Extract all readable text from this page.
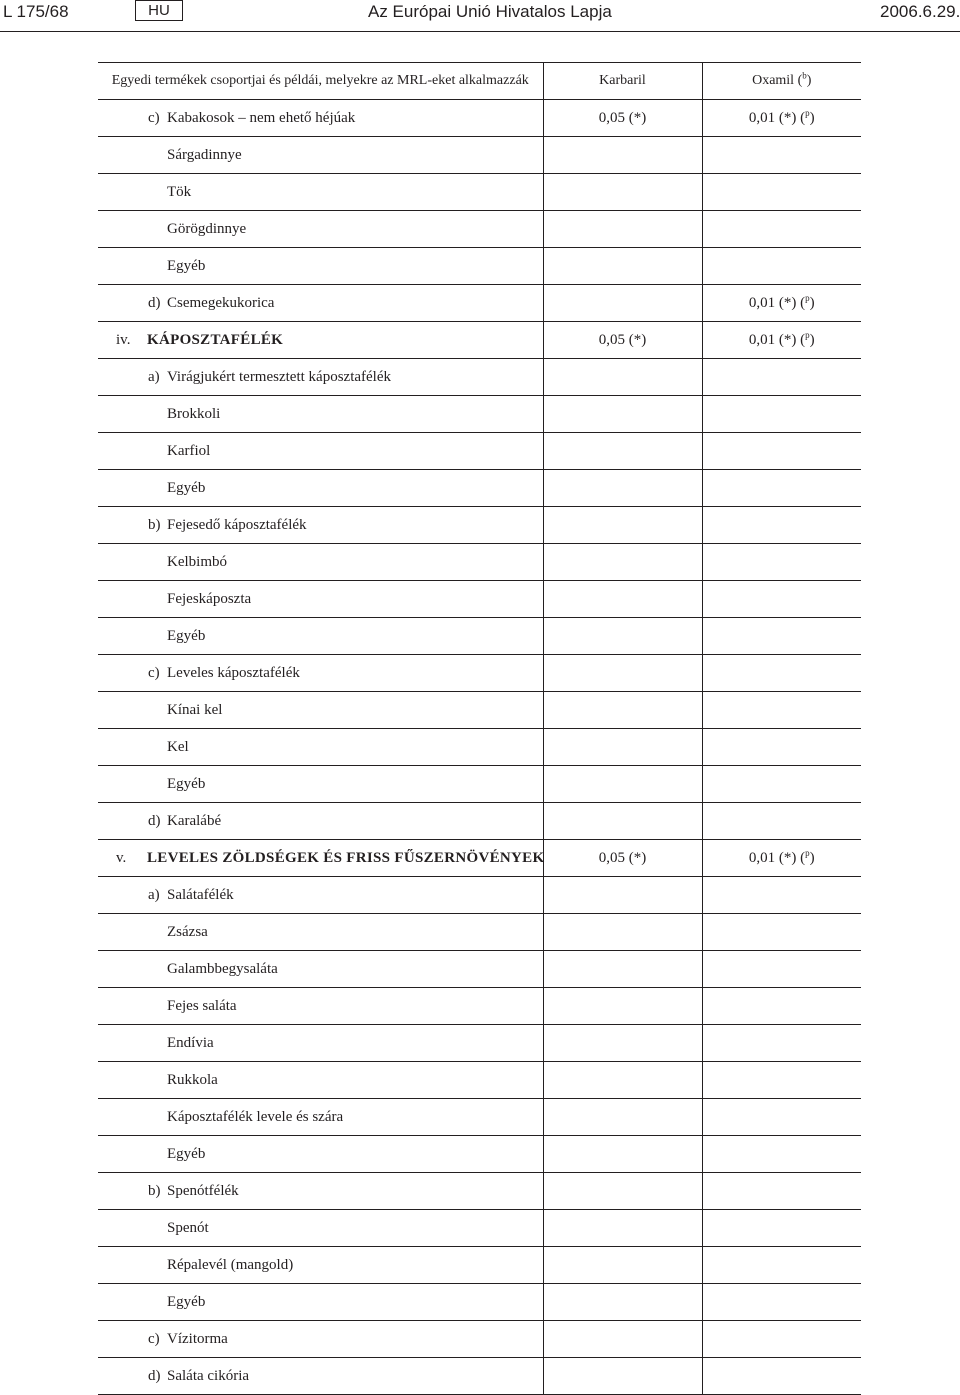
L 175/68	HU	Az Európai Unió Hivatalos Lapja	2006.6.29.
Egyedi termékek csoportjai és példái, melyekre az MRL-eket alkalmazzák	Karbaril	Oxamil ($^b$)
c) Kabakosok – nem ehető héjúak	0,05 (*)	0,01 (*) ($^p$)
Sárgadinnye		
Tök		
Görögdinnye		
Egyéb		
d) Csemegekukorica		0,01 (*) ($^p$)
iv. KÁPOSZTAFÉLÉK	0,05 (*)	0,01 (*) ($^p$)
a) Virágjukért termesztett káposztafélék		
Brokkoli		
Karfiol		
Egyéb		
b) Fejesedő káposztafélék		
Kelbimbó		
Fejeskáposzta		
Egyéb		
c) Leveles káposztafélék		
Kínai kel		
Kel		
Egyéb		
d) Karalábé		
v. LEVELES ZÖLDSÉGEK ÉS FRISS FŰSZERNÖVÉNYEK	0,05 (*)	0,01 (*) ($^p$)
a) Salátafélék		
Zsázsa		
Galambbegysaláta		
Fejes saláta		
Endívia		
Rukkola		
Káposztafélék levele és szára		
Egyéb		
b) Spenótfélék		
Spenót		
Répalevél (mangold)		
Egyéb		
c) Vízitorma		
d) Saláta cikória		
